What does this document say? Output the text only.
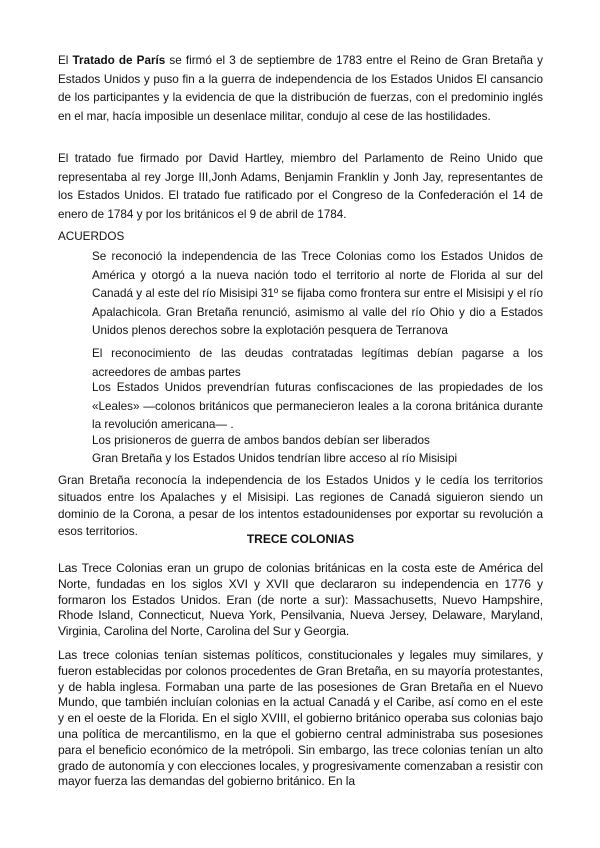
El Tratado de París se firmó el 3 de septiembre de 1783 entre el Reino de Gran Bretaña y Estados Unidos y puso fin a la guerra de independencia de los Estados Unidos El cansancio de los participantes y la evidencia de que la distribución de fuerzas, con el predominio inglés en el mar, hacía imposible un desenlace militar, condujo al cese de las hostilidades.

El tratado fue firmado por David Hartley, miembro del Parlamento de Reino Unido que representaba al rey Jorge III,Jonh Adams, Benjamin Franklin y Jonh Jay, representantes de los Estados Unidos. El tratado fue ratificado por el Congreso de la Confederación el 14 de enero de 1784 y por los británicos el 9 de abril de 1784.

ACUERDOS

Se reconoció la independencia de las Trece Colonias como los Estados Unidos de América y otorgó a la nueva nación todo el territorio al norte de Florida al sur del Canadá y al este del río Misisipi 31º se fijaba como frontera sur entre el Misisipi y el río Apalachicola. Gran Bretaña renunció, asimismo al valle del río Ohio y dio a Estados Unidos plenos derechos sobre la explotación pesquera de Terranova

El reconocimiento de las deudas contratadas legítimas debían pagarse a los acreedores de ambas partes

Los Estados Unidos prevendrían futuras confiscaciones de las propiedades de los «Leales» —colonos británicos que permanecieron leales a la corona británica durante la revolución americana— .

Los prisioneros de guerra de ambos bandos debían ser liberados

Gran Bretaña y los Estados Unidos tendrían libre acceso al río Misisipi

Gran Bretaña reconocía la independencia de los Estados Unidos y le cedía los territorios situados entre los Apalaches y el Misisipi. Las regiones de Canadá siguieron siendo un dominio de la Corona, a pesar de los intentos estadounidenses por exportar su revolución a esos territorios.

TRECE COLONIAS

Las Trece Colonias eran un grupo de colonias británicas en la costa este de América del Norte, fundadas en los siglos XVI y XVII que declararon su independencia en 1776 y formaron los Estados Unidos. Eran (de norte a sur): Massachusetts, Nuevo Hampshire, Rhode Island, Connecticut, Nueva York, Pensilvania, Nueva Jersey, Delaware, Maryland, Virginia, Carolina del Norte, Carolina del Sur y Georgia.

Las trece colonias tenían sistemas políticos, constitucionales y legales muy similares, y fueron establecidas por colonos procedentes de Gran Bretaña, en su mayoría protestantes, y de habla inglesa. Formaban una parte de las posesiones de Gran Bretaña en el Nuevo Mundo, que también incluían colonias en la actual Canadá y el Caribe, así como en el este y en el oeste de la Florida. En el siglo XVIII, el gobierno británico operaba sus colonias bajo una política de mercantilismo, en la que el gobierno central administraba sus posesiones para el beneficio económico de la metrópoli. Sin embargo, las trece colonias tenían un alto grado de autonomía y con elecciones locales, y progresivamente comenzaban a resistir con mayor fuerza las demandas del gobierno británico. En la
